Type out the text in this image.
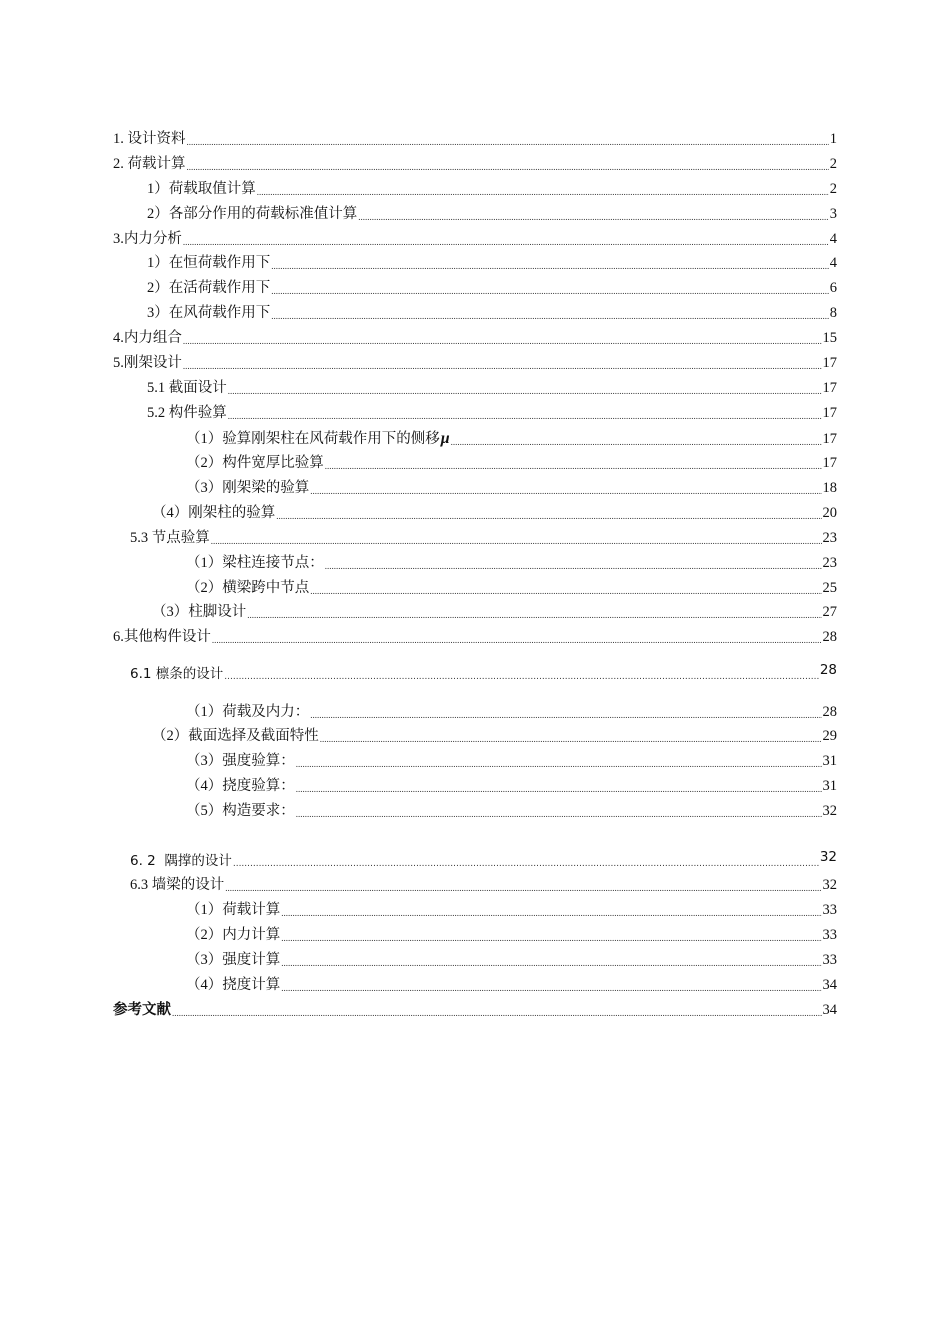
1. 设计资料 .....	1
2. 荷载计算 .....	2
1）荷载取值计算 .....	2
2）各部分作用的荷载标准值计算 .....	3
3.内力分析 .....	4
1）在恒荷载作用下 .....	4
2）在活荷载作用下 .....	6
3）在风荷载作用下 .....	8
4.内力组合 .....	15
5.刚架设计 .....	17
5.1 截面设计 .....	17
5.2 构件验算 .....	17
（1）验算刚架柱在风荷载作用下的侧移 μ .....	17
（2）构件宽厚比验算 .....	17
（3）刚架梁的验算 .....	18
（4）刚架柱的验算 .....	20
5.3 节点验算 .....	23
（1）梁柱连接节点： .....	23
（2）横梁跨中节点 .....	25
（3）柱脚设计 .....	27
6.其他构件设计 .....	28
6.1 檩条的设计 .....	28
（1）荷载及内力： .....	28
（2）截面选择及截面特性 .....	29
（3）强度验算： .....	31
（4）挠度验算： .....	31
（5）构造要求： .....	32
6. 2  隅撑的设计 .....	32
6.3 墙梁的设计 .....	32
（1）荷载计算 .....	33
（2）内力计算 .....	33
（3）强度计算 .....	33
（4）挠度计算 .....	34
参考文献 .....	34
